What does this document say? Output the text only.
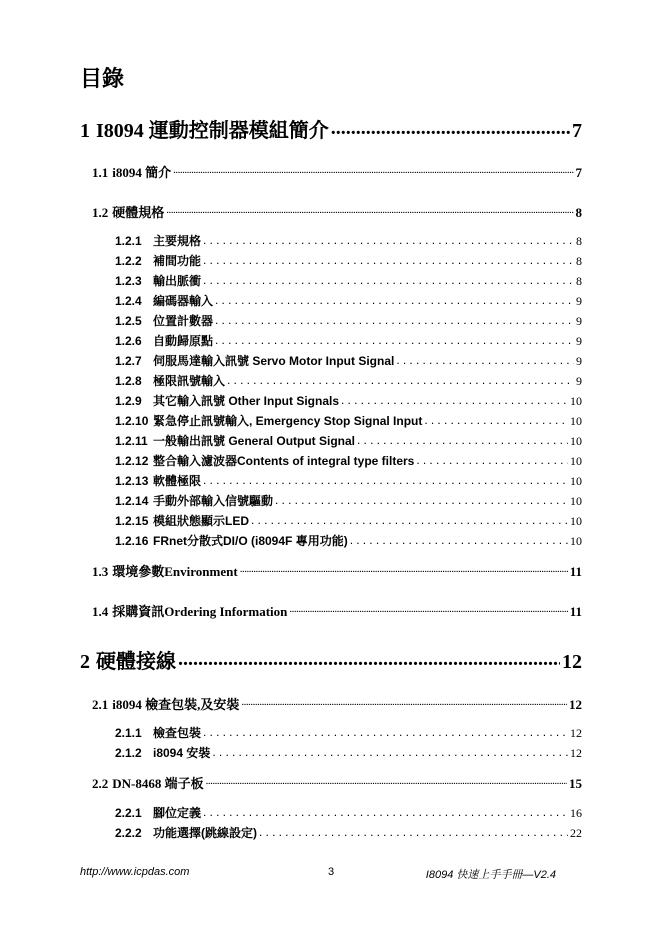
目錄
1 I8094 運動控制器模組簡介 .....	7
1.1 i8094 簡介 .....	7
1.2 硬體規格 .....	8
1.2.1 主要規格 .....	8
1.2.2 補間功能 .....	8
1.2.3 輸出脈衝 .....	8
1.2.4 編碼器輸入 .....	9
1.2.5 位置計數器 .....	9
1.2.6 自動歸原點 .....	9
1.2.7 伺服馬達輸入訊號 Servo Motor Input Signal .....	9
1.2.8 極限訊號輸入 .....	9
1.2.9 其它輸入訊號 Other Input Signals .....	10
1.2.10 緊急停止訊號輸入, Emergency Stop Signal Input .....	10
1.2.11 一般輸出訊號 General Output Signal .....	10
1.2.12 整合輸入濾波器Contents of integral type filters .....	10
1.2.13 軟體極限 .....	10
1.2.14 手動外部輸入信號驅動 .....	10
1.2.15 模組狀態顯示LED .....	10
1.2.16 FRnet分散式DI/O (i8094F 專用功能) .....	10
1.3 環境參數Environment .....	11
1.4 採購資訊Ordering Information .....	11
2 硬體接線 .....	12
2.1 i8094 檢查包裝,及安裝 .....	12
2.1.1 檢查包裝 .....	12
2.1.2 i8094 安裝 .....	12
2.2 DN-8468 端子板 .....	15
2.2.1 腳位定義 .....	16
2.2.2 功能選擇(跳線設定) .....	22
http://www.icpdas.com	3	I8094 快速上手手冊—V2.4
